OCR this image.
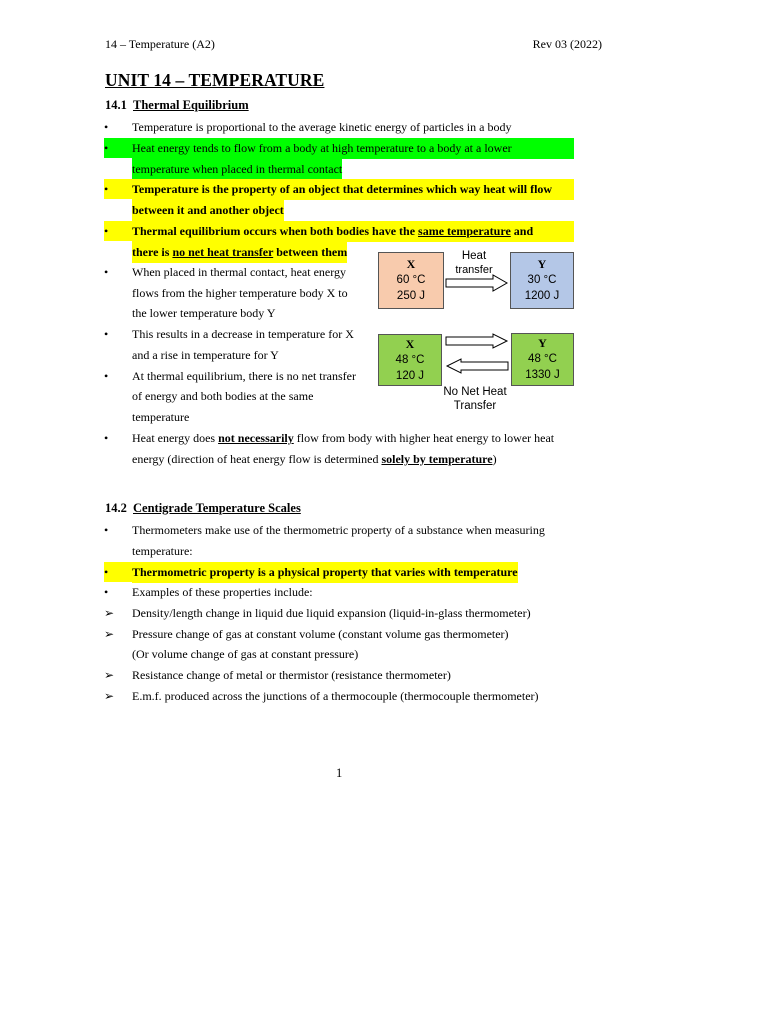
14 – Temperature (A2)	Rev 03 (2022)
UNIT 14 – TEMPERATURE
14.1 Thermal Equilibrium
•	Temperature is proportional to the average kinetic energy of particles in a body
•	Heat energy tends to flow from a body at high temperature to a body at a lower
temperature when placed in thermal contact
•	Temperature is the property of an object that determines which way heat will flow
between it and another object
•	Thermal equilibrium occurs when both bodies have the same temperature and
there is no net heat transfer between them
•	When placed in thermal contact, heat energy
flows from the higher temperature body X to
the lower temperature body Y
•	This results in a decrease in temperature for X
and a rise in temperature for Y
•	At thermal equilibrium, there is no net transfer
of energy and both bodies at the same
temperature
•	Heat energy does not necessarily flow from body with higher heat energy to lower heat
energy (direction of heat energy flow is determined solely by temperature)
X
60 °C
250 J
Heat
transfer	Y
30 °C
1200 J
X
48 °C
120 J
Y
48 °C
1330 J
No Net Heat
Transfer
14.2 Centigrade Temperature Scales
•	Thermometers make use of the thermometric property of a substance when measuring
temperature:
•	Thermometric property is a physical property that varies with temperature
•	Examples of these properties include:
➢	Density/length change in liquid due liquid expansion (liquid-in-glass thermometer)
➢	Pressure change of gas at constant volume (constant volume gas thermometer)
(Or volume change of gas at constant pressure)
➢	Resistance change of metal or thermistor (resistance thermometer)
➢	E.m.f. produced across the junctions of a thermocouple (thermocouple thermometer)
1
